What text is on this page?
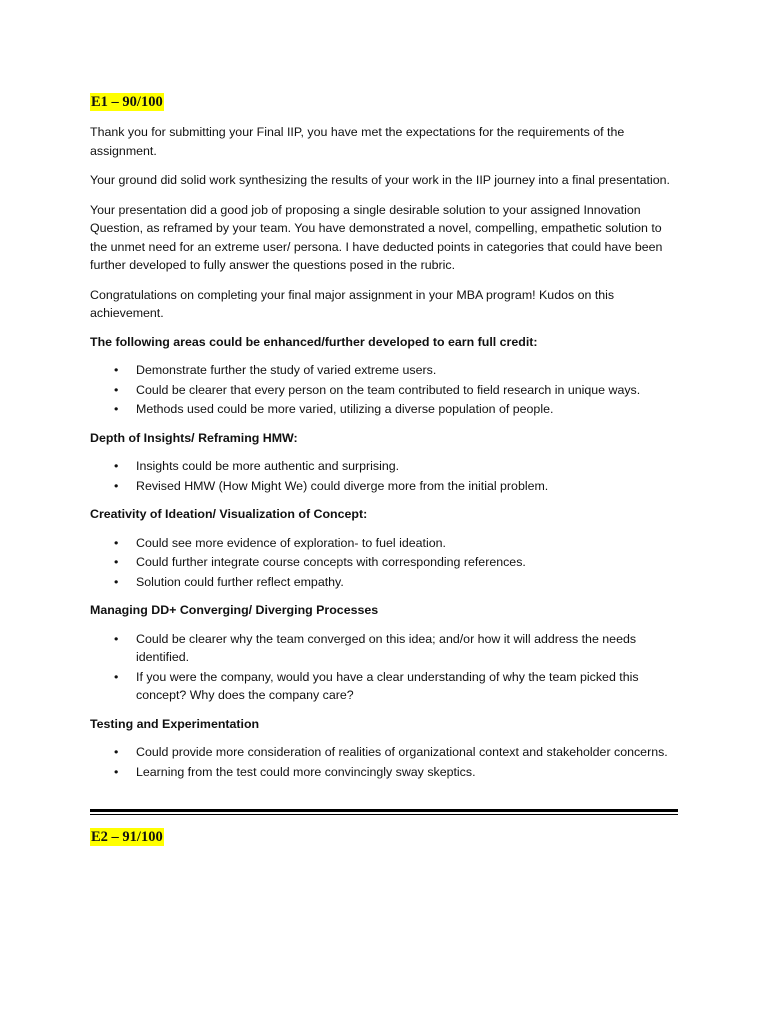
E1 – 90/100

Thank you for submitting your Final IIP, you have met the expectations for the requirements of the assignment.

Your ground did solid work synthesizing the results of your work in the IIP journey into a final presentation.

Your presentation did a good job of proposing a single desirable solution to your assigned Innovation Question, as reframed by your team. You have demonstrated a novel, compelling, empathetic solution to the unmet need for an extreme user/ persona. I have deducted points in categories that could have been further developed to fully answer the questions posed in the rubric.

Congratulations on completing your final major assignment in your MBA program! Kudos on this achievement.

The following areas could be enhanced/further developed to earn full credit:

• Demonstrate further the study of varied extreme users.
• Could be clearer that every person on the team contributed to field research in unique ways.
• Methods used could be more varied, utilizing a diverse population of people.

Depth of Insights/ Reframing HMW:

• Insights could be more authentic and surprising.
• Revised HMW (How Might We) could diverge more from the initial problem.

Creativity of Ideation/ Visualization of Concept:

• Could see more evidence of exploration- to fuel ideation.
• Could further integrate course concepts with corresponding references.
• Solution could further reflect empathy.

Managing DD+ Converging/ Diverging Processes

• Could be clearer why the team converged on this idea; and/or how it will address the needs identified.
• If you were the company, would you have a clear understanding of why the team picked this concept? Why does the company care?

Testing and Experimentation

• Could provide more consideration of realities of organizational context and stakeholder concerns.
• Learning from the test could more convincingly sway skeptics.
E2 – 91/100
